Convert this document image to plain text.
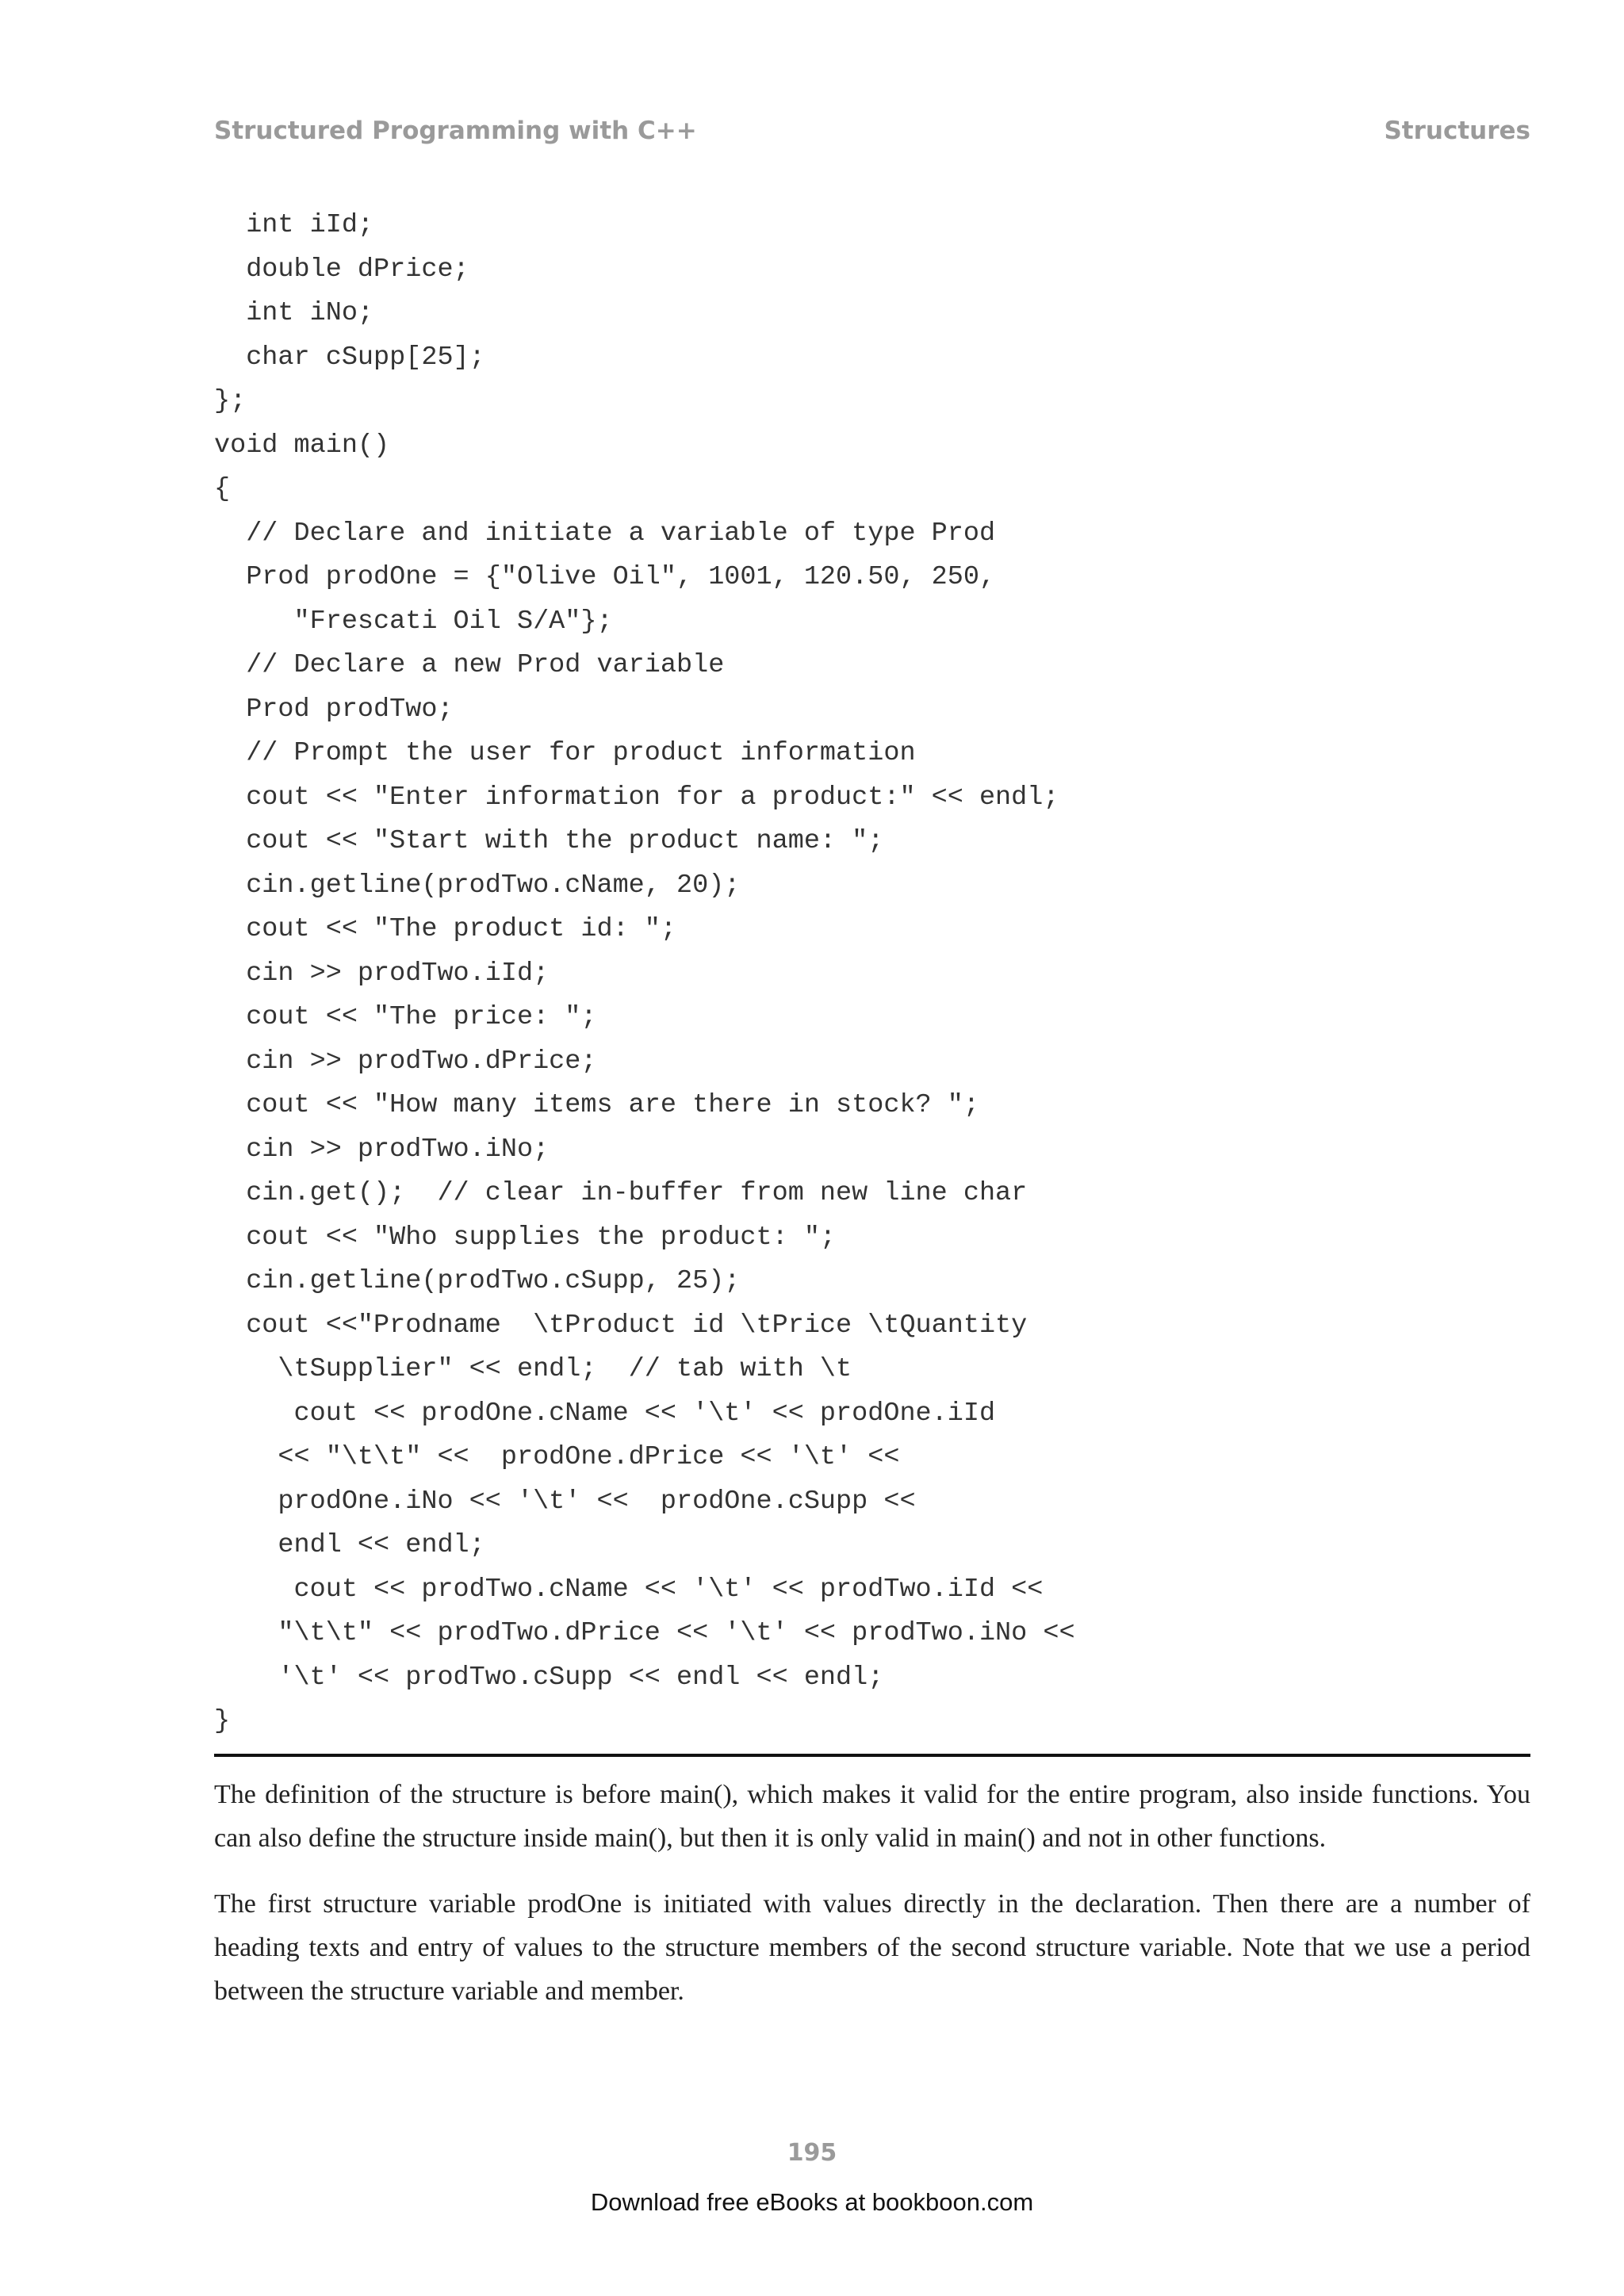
Structured Programming with C++	Structures
int iId;
double dPrice;
int iNo;
char cSupp[25];
};
void main()
{
// Declare and initiate a variable of type Prod
Prod prodOne = {"Olive Oil", 1001, 120.50, 250,
"Frescati Oil S/A"};
// Declare a new Prod variable
Prod prodTwo;
// Prompt the user for product information
cout << "Enter information for a product:" << endl;
cout << "Start with the product name: ";
cin.getline(prodTwo.cName, 20);
cout << "The product id: ";
cin >> prodTwo.iId;
cout << "The price: ";
cin >> prodTwo.dPrice;
cout << "How many items are there in stock? ";
cin >> prodTwo.iNo;
cin.get();  // clear in-buffer from new line char
cout << "Who supplies the product: ";
cin.getline(prodTwo.cSupp, 25);
cout <<"Prodname  \tProduct id \tPrice \tQuantity
\tSupplier" << endl;  // tab with \t
cout << prodOne.cName << '\t' << prodOne.iId
<< "\t\t" <<  prodOne.dPrice << '\t' <<
prodOne.iNo << '\t' <<  prodOne.cSupp <<
endl << endl;
cout << prodTwo.cName << '\t' << prodTwo.iId <<
"\t\t" << prodTwo.dPrice << '\t' << prodTwo.iNo <<
'\t' << prodTwo.cSupp << endl << endl;
}

The definition of the structure is before main(), which makes it valid for the entire program, also inside functions. You can also define the structure inside main(), but then it is only valid in main() and not in other functions.

The first structure variable prodOne is initiated with values directly in the declaration. Then there are a number of heading texts and entry of values to the structure members of the second structure variable. Note that we use a period between the structure variable and member.

195
Download free eBooks at bookboon.com
